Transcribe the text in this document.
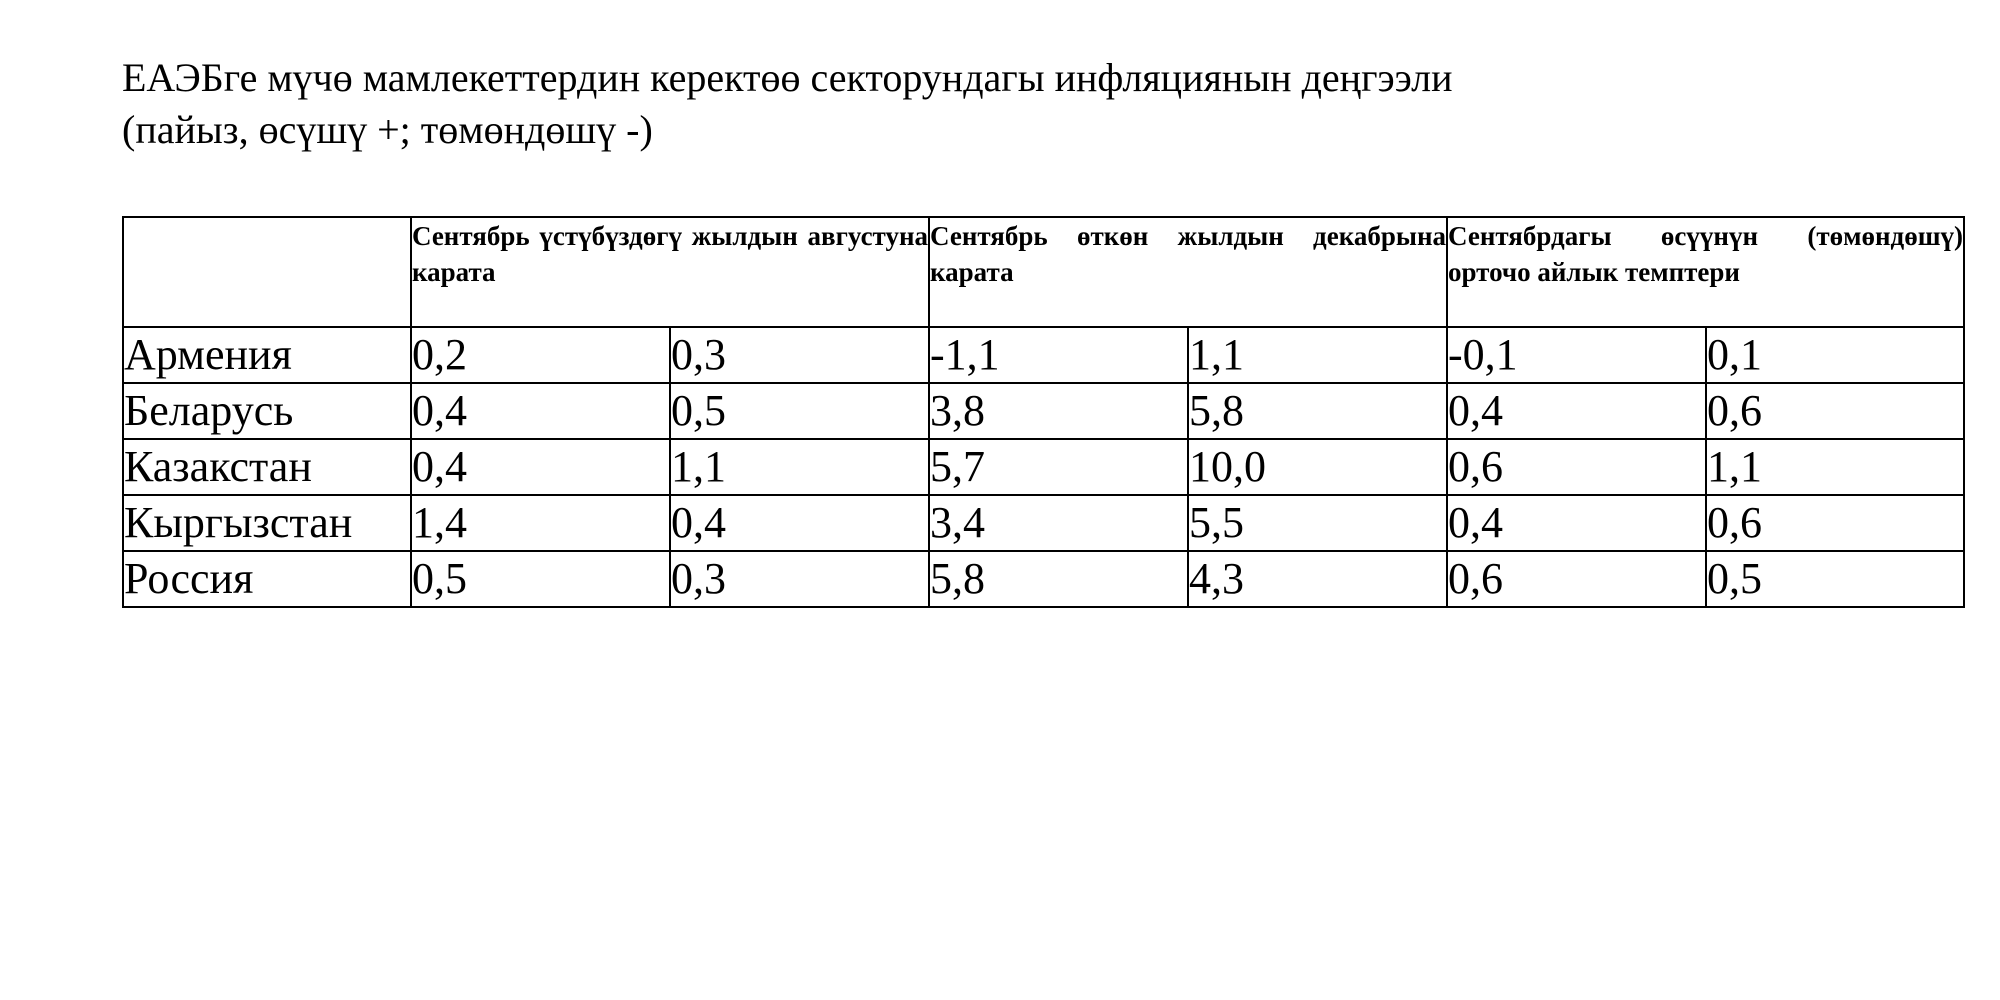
ЕАЭБге мүчө мамлекеттердин керектөө секторундагы инфляциянын деңгээли
(пайыз, өсүшү +; төмөндөшү -)
	Сентябрь үстүбүздөгү жылдын августуна карата		Сентябрь өткөн жылдын декабрына карата		Сентябрдагы өсүүнүн (төмөндөшү) орточо айлык темптери	
Армения	0,2	0,3	-1,1	1,1	-0,1	0,1
Беларусь	0,4	0,5	3,8	5,8	0,4	0,6
Казакстан	0,4	1,1	5,7	10,0	0,6	1,1
Кыргызстан	1,4	0,4	3,4	5,5	0,4	0,6
Россия	0,5	0,3	5,8	4,3	0,6	0,5
